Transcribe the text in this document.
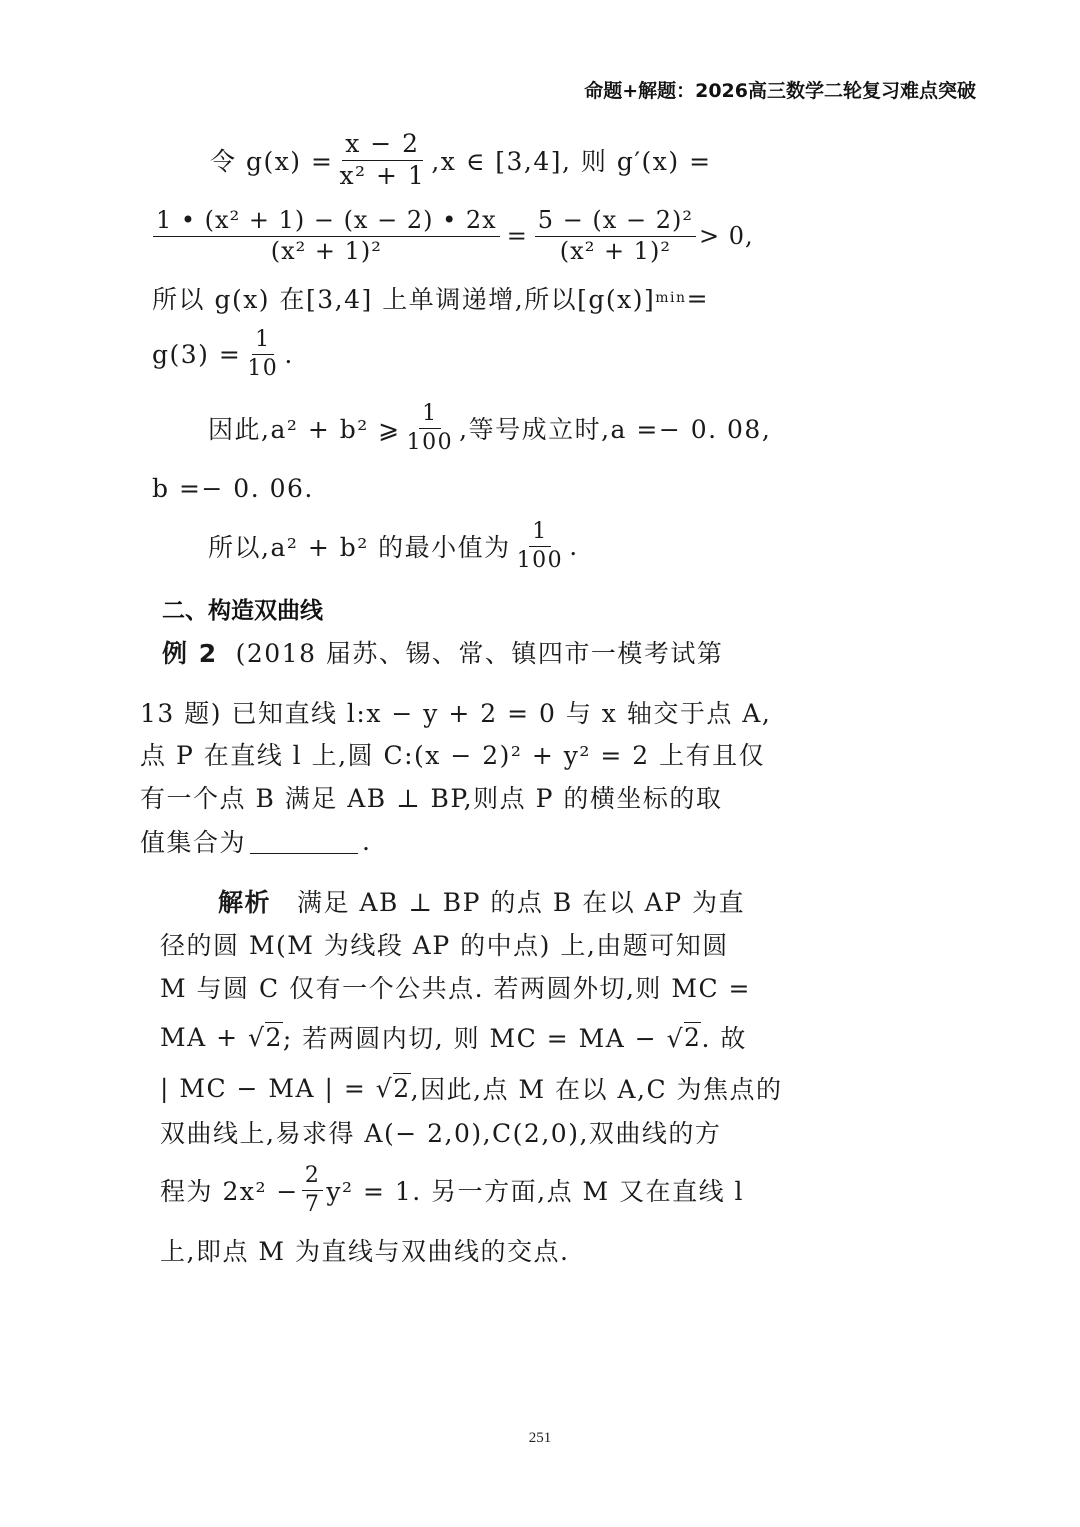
命题+解题：2026高三数学二轮复习难点突破
令 $g(x) = \frac{x - 2}{\text{x² + 1}} ,x$ ∈ [3,4], 则 g′(x) =
$\frac{\text{1 • (x² + 1) − (x − 2) • 2x}}{\text{(x² + 1)²}} = \frac{\text{5 − (x − 2)²}}{\text{(x² + 1)²}} > 0$,
所以 g(x) 在[3,4] 上单调递增,所以[g(x)] min =
$g(3) = \frac{1}{10}$ .
因此,a² + b² ⩾ $\frac{1}{100}$ ,等号成立时,a =− 0. 08,
b =− 0. 06.
所以,a² + b² 的最小值为 $\frac{1}{100}$ .
二、构造双曲线
例 2 (2018 届苏、锡、常、镇四市一模考试第
13 题) 已知直线 l:x − y + 2 = 0 与 x 轴交于点 A,
点 P 在直线 l 上,圆 C:(x − 2)² + y² = 2 上有且仅
有一个点 B 满足 AB ⊥ BP,则点 P 的横坐标的取
值集合为	.
解析 满足 AB ⊥ BP 的点 B 在以 AP 为直
径的圆 M(M 为线段 AP 的中点) 上,由题可知圆
M 与圆 C 仅有一个公共点. 若两圆外切,则 MC =
MA + √ 2 ; 若两圆内切, 则 MC = MA − √ 2 . 故
| MC − MA | = √ 2 ,因此,点 M 在以 A,C 为焦点的
双曲线上,易求得 A(− 2,0),C(2,0),双曲线的方
程为 $2x^2 - \frac{2}{7} y^2 = 1$. 另一方面,点 M 又在直线 l
上,即点 M 为直线与双曲线的交点.
251
